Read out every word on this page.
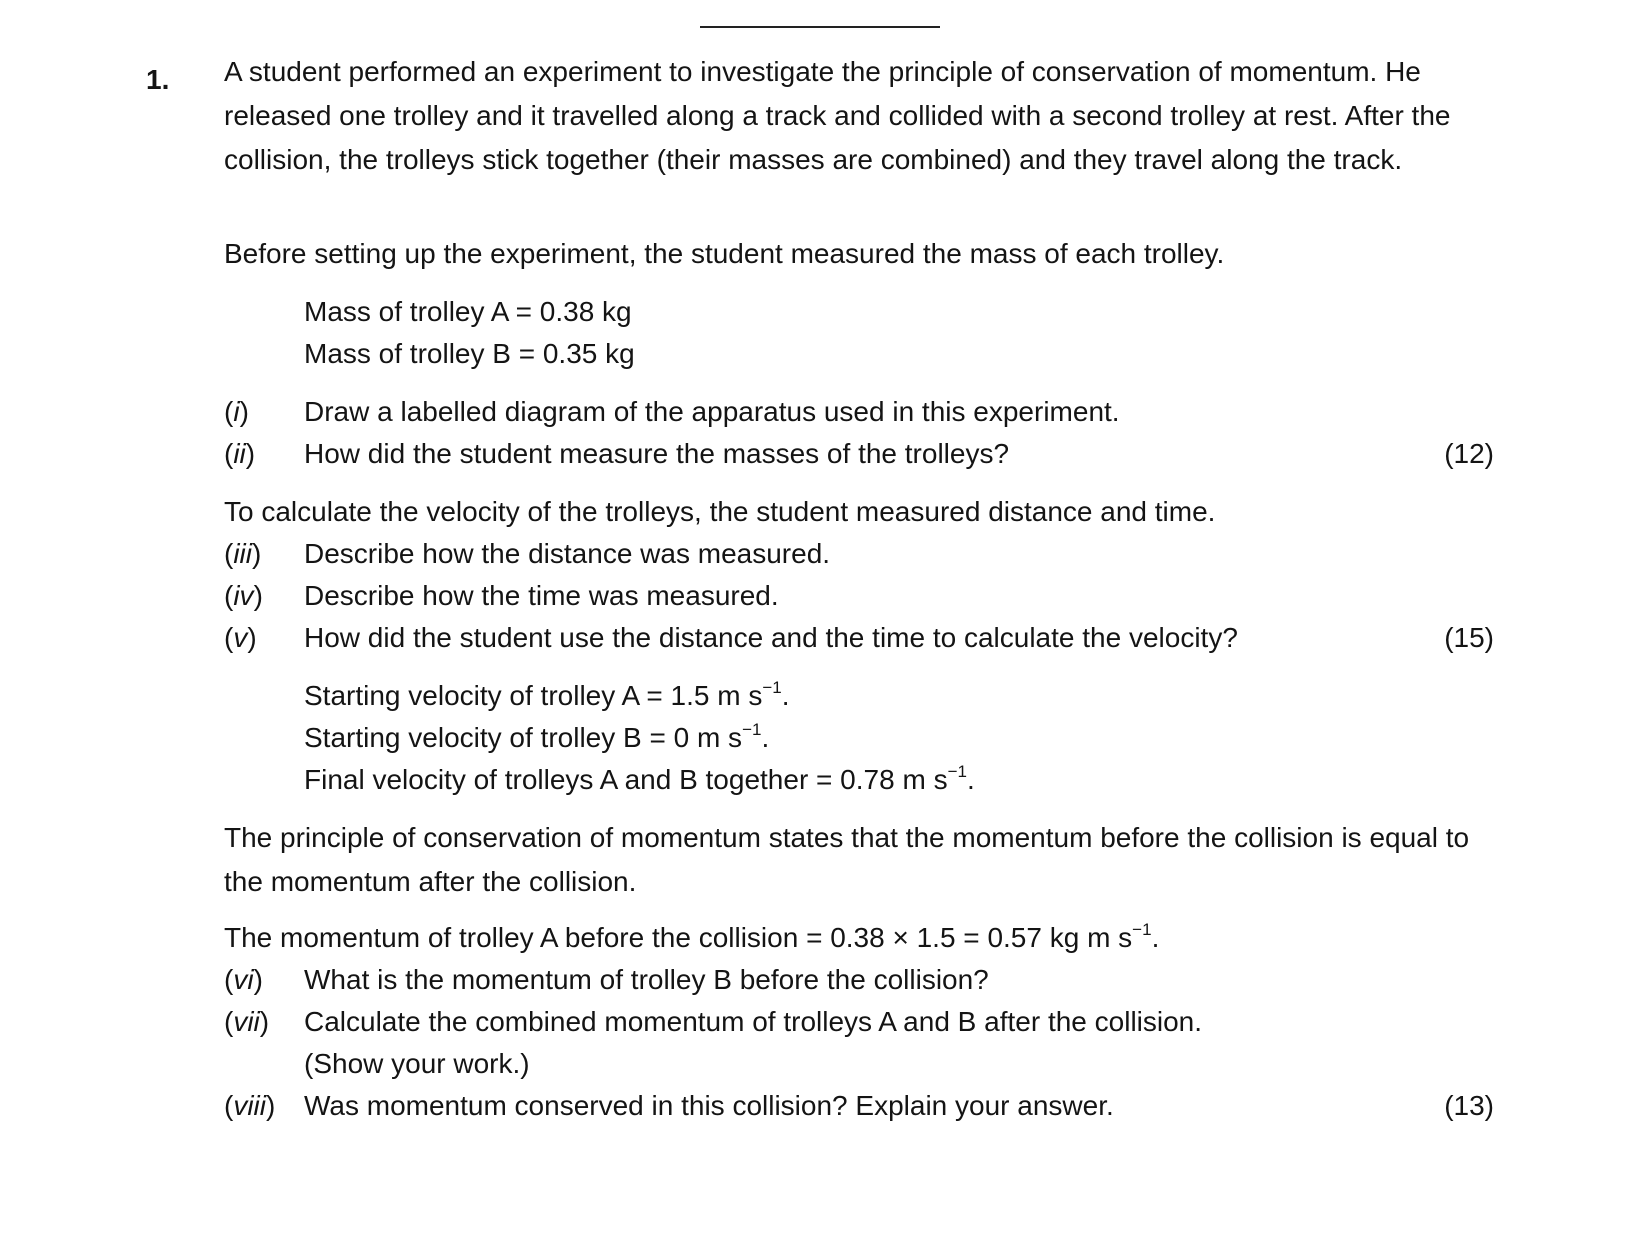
1. A student performed an experiment to investigate the principle of conservation of momentum. He released one trolley and it travelled along a track and collided with a second trolley at rest. After the collision, the trolleys stick together (their masses are combined) and they travel along the track.

Before setting up the experiment, the student measured the mass of each trolley.
Mass of trolley A = 0.38 kg
Mass of trolley B = 0.35 kg
(i) Draw a labelled diagram of the apparatus used in this experiment.
(ii) How did the student measure the masses of the trolleys?	(12)
To calculate the velocity of the trolleys, the student measured distance and time.
(iii) Describe how the distance was measured.
(iv) Describe how the time was measured.
(v) How did the student use the distance and the time to calculate the velocity?	(15)
Starting velocity of trolley A = 1.5 m $s^{-1}$.
Starting velocity of trolley B = 0 m $s^{-1}$.
Final velocity of trolleys A and B together = 0.78 m $s^{-1}$.

The principle of conservation of momentum states that the momentum before the collision is equal to the momentum after the collision.

The momentum of trolley A before the collision = 0.38 × 1.5 = 0.57 kg m $s^{-1}$.
(vi) What is the momentum of trolley B before the collision?
(vii) Calculate the combined momentum of trolleys A and B after the collision.
(Show your work.)
(viii) Was momentum conserved in this collision? Explain your answer.	(13)
